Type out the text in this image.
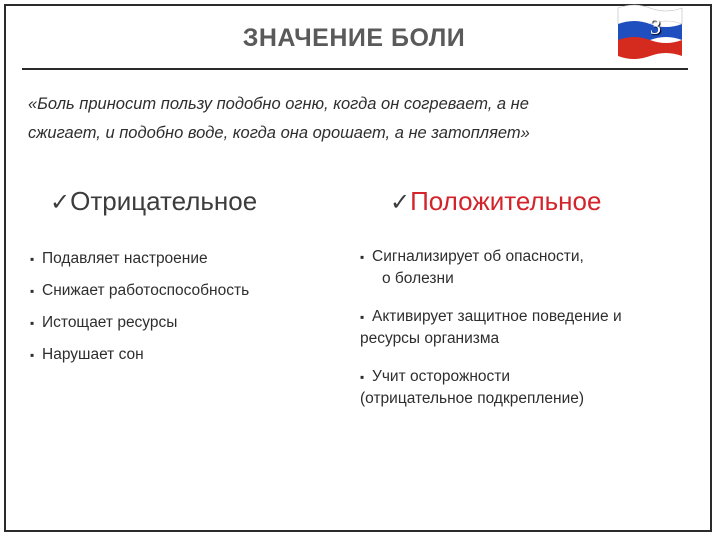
3
ЗНАЧЕНИЕ БОЛИ
«Боль приносит пользу подобно огню, когда он согревает, а не
сжигает, и подобно воде, когда она орошает, а не затопляет»
✓Отрицательное	✓Положительное
▪ Подавляет настроение
▪ Снижает работоспособность
▪ Истощает ресурсы
▪ Нарушает сон
▪ Сигнализирует об опасности,
о болезни
▪ Активирует защитное поведение и
ресурсы организма
▪ Учит осторожности
(отрицательное подкрепление)
